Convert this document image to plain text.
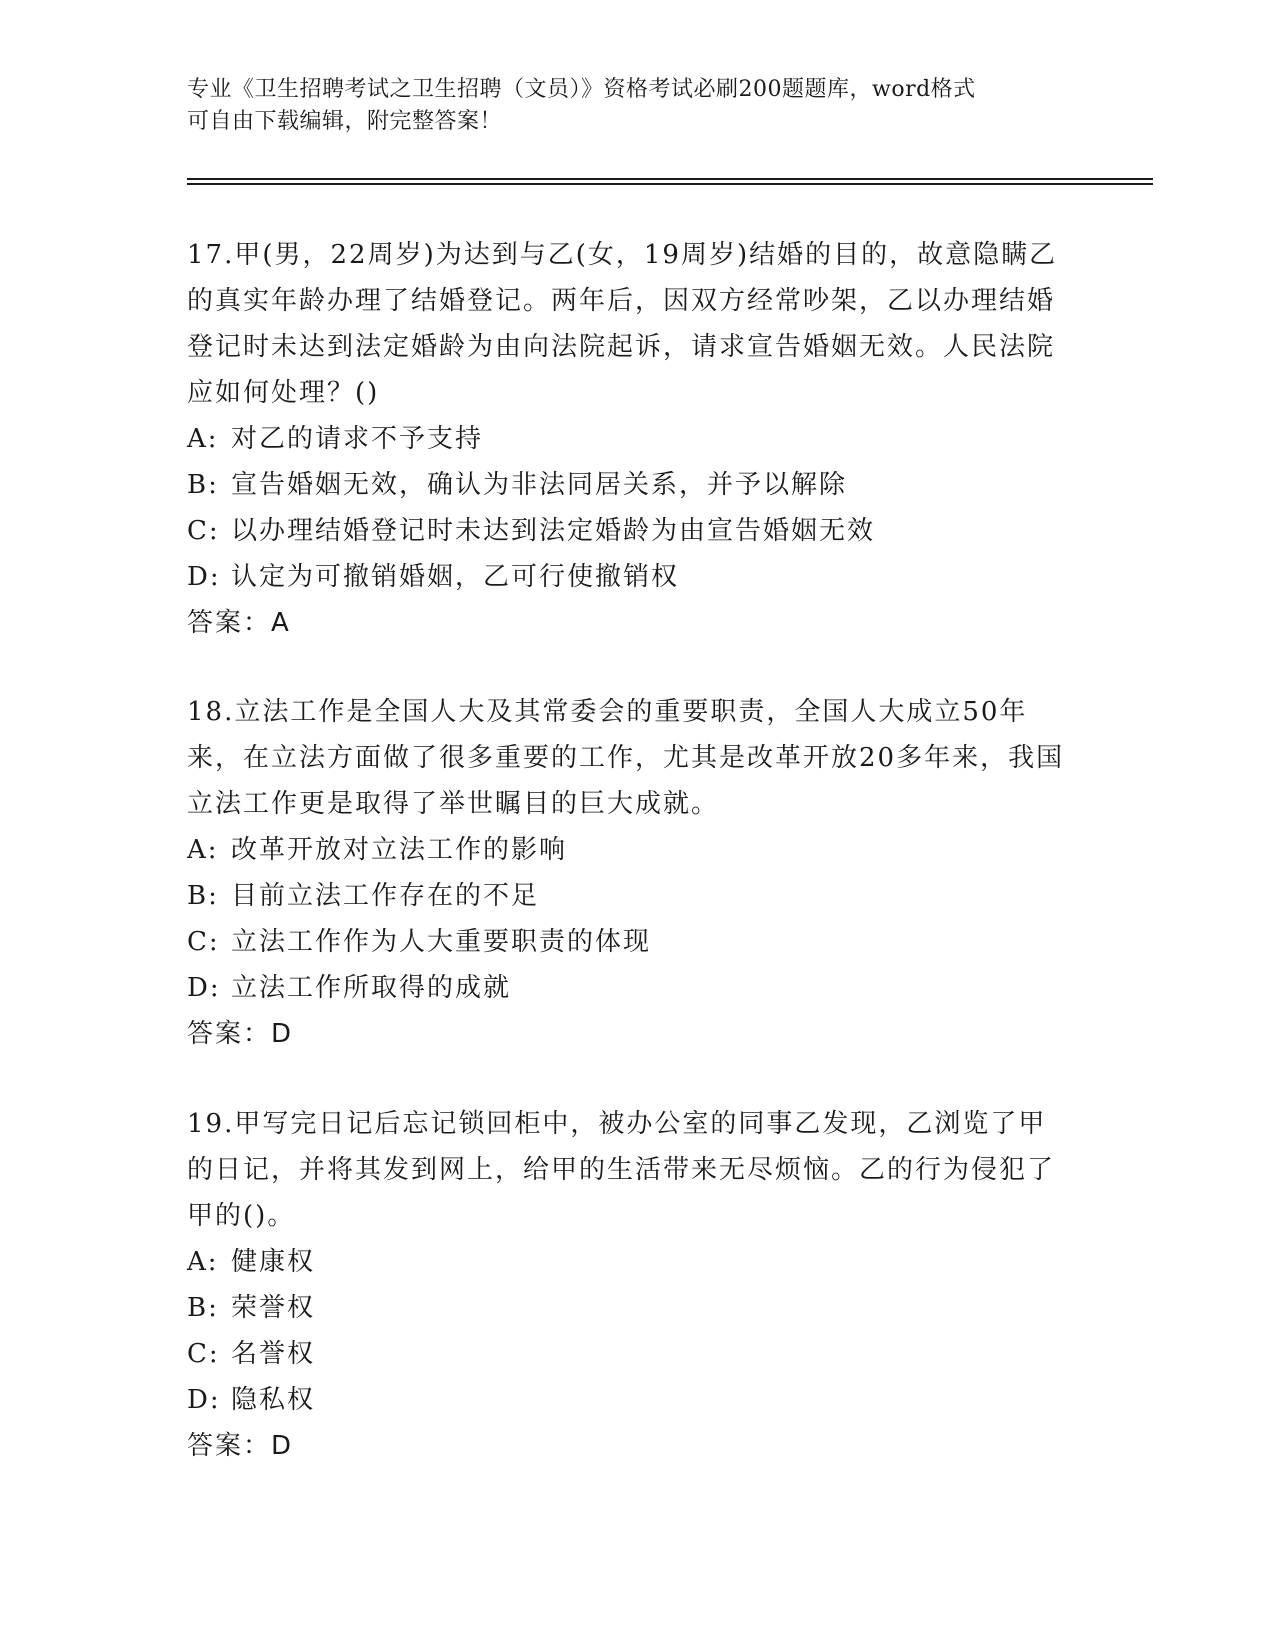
专业《卫生招聘考试之卫生招聘（文员）》资格考试必刷200题题库，word格式
可自由下载编辑，附完整答案！

17.甲(男，22周岁)为达到与乙(女，19周岁)结婚的目的，故意隐瞒乙的真实年龄办理了结婚登记。两年后，因双方经常吵架，乙以办理结婚登记时未达到法定婚龄为由向法院起诉，请求宣告婚姻无效。人民法院应如何处理？()

A: 对乙的请求不予支持

B: 宣告婚姻无效，确认为非法同居关系，并予以解除

C: 以办理结婚登记时未达到法定婚龄为由宣告婚姻无效

D: 认定为可撤销婚姻，乙可行使撤销权

答案：A

18.立法工作是全国人大及其常委会的重要职责，全国人大成立50年来，在立法方面做了很多重要的工作，尤其是改革开放20多年来，我国立法工作更是取得了举世瞩目的巨大成就。

A: 改革开放对立法工作的影响

B: 目前立法工作存在的不足

C: 立法工作作为人大重要职责的体现

D: 立法工作所取得的成就

答案：D

19.甲写完日记后忘记锁回柜中，被办公室的同事乙发现，乙浏览了甲的日记，并将其发到网上，给甲的生活带来无尽烦恼。乙的行为侵犯了甲的()。

A: 健康权

B: 荣誉权

C: 名誉权

D: 隐私权

答案：D
